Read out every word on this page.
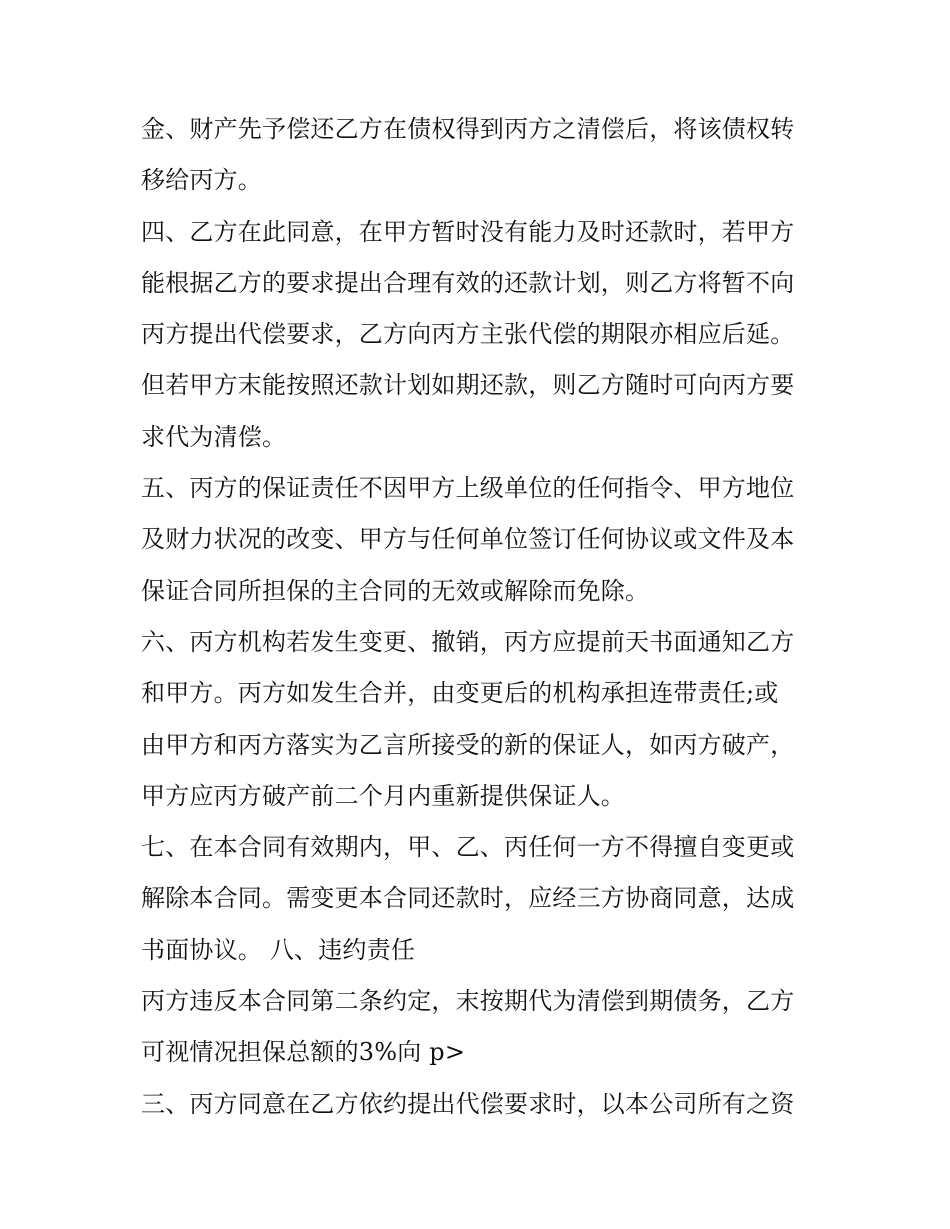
金、财产先予偿还乙方在债权得到丙方之清偿后，将该债权转
移给丙方。
四、乙方在此同意，在甲方暂时没有能力及时还款时，若甲方
能根据乙方的要求提出合理有效的还款计划，则乙方将暂不向
丙方提出代偿要求，乙方向丙方主张代偿的期限亦相应后延。
但若甲方末能按照还款计划如期还款，则乙方随时可向丙方要
求代为清偿。
五、丙方的保证责任不因甲方上级单位的任何指令、甲方地位
及财力状况的改变、甲方与任何单位签订任何协议或文件及本
保证合同所担保的主合同的无效或解除而免除。
六、丙方机构若发生变更、撤销，丙方应提前天书面通知乙方
和甲方。丙方如发生合并，由变更后的机构承担连带责任;或
由甲方和丙方落实为乙言所接受的新的保证人，如丙方破产，
甲方应丙方破产前二个月内重新提供保证人。
七、在本合同有效期内，甲、乙、丙任何一方不得擅自变更或
解除本合同。需变更本合同还款时，应经三方协商同意，达成
书面协议。 八、违约责任
丙方违反本合同第二条约定，末按期代为清偿到期债务，乙方
可视情况担保总额的3%向 p>
三、丙方同意在乙方依约提出代偿要求时，以本公司所有之资
